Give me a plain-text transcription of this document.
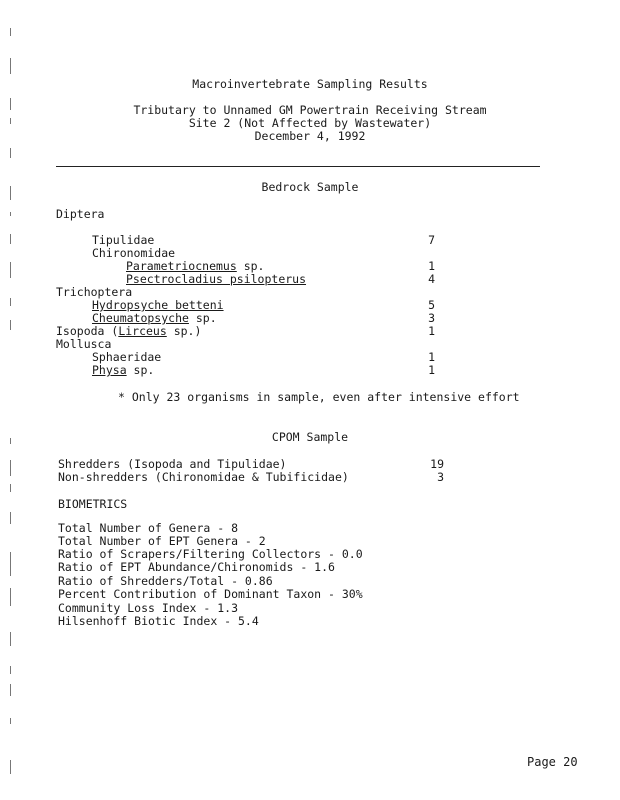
Macroinvertebrate Sampling Results
Tributary to Unnamed GM Powertrain Receiving Stream
Site 2 (Not Affected by Wastewater)
December 4, 1992
Bedrock Sample
Diptera
Tipulidae	7
Chironomidae
Parametriocnemus sp.	1
Psectrocladius psilopterus	4
Trichoptera
Hydropsyche betteni	5
Cheumatopsyche sp.	3
Isopoda (Lirceus sp.)	1
Mollusca
Sphaeridae	1
Physa sp.	1
* Only 23 organisms in sample, even after intensive effort
CPOM Sample
Shredders (Isopoda and Tipulidae)	19
Non-shredders (Chironomidae & Tubificidae)	3
BIOMETRICS
Total Number of Genera - 8
Total Number of EPT Genera - 2
Ratio of Scrapers/Filtering Collectors - 0.0
Ratio of EPT Abundance/Chironomids - 1.6
Ratio of Shredders/Total - 0.86
Percent Contribution of Dominant Taxon - 30%
Community Loss Index - 1.3
Hilsenhoff Biotic Index - 5.4
Page 20
